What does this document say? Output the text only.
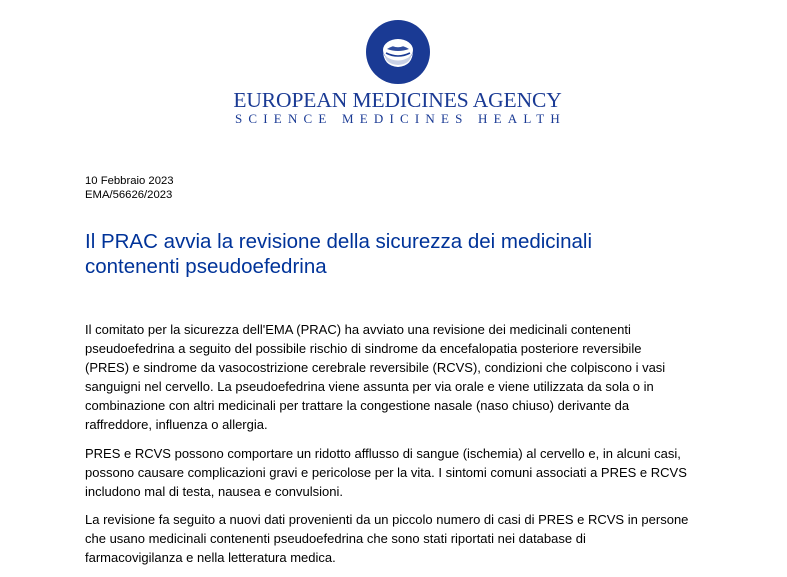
EUROPEAN MEDICINES AGENCY
SCIENCE MEDICINES HEALTH
10 Febbraio 2023
EMA/56626/2023
Il PRAC avvia la revisione della sicurezza dei medicinali
contenenti pseudoefedrina

Il comitato per la sicurezza dell'EMA (PRAC) ha avviato una revisione dei medicinali contenenti
pseudoefedrina a seguito del possibile rischio di sindrome da encefalopatia posteriore reversibile
(PRES) e sindrome da vasocostrizione cerebrale reversibile (RCVS), condizioni che colpiscono i vasi
sanguigni nel cervello. La pseudoefedrina viene assunta per via orale e viene utilizzata da sola o in
combinazione con altri medicinali per trattare la congestione nasale (naso chiuso) derivante da
raffreddore, influenza o allergia.

PRES e RCVS possono comportare un ridotto afflusso di sangue (ischemia) al cervello e, in alcuni casi,
possono causare complicazioni gravi e pericolose per la vita. I sintomi comuni associati a PRES e RCVS
includono mal di testa, nausea e convulsioni.

La revisione fa seguito a nuovi dati provenienti da un piccolo numero di casi di PRES e RCVS in persone
che usano medicinali contenenti pseudoefedrina che sono stati riportati nei database di
farmacovigilanza e nella letteratura medica.
